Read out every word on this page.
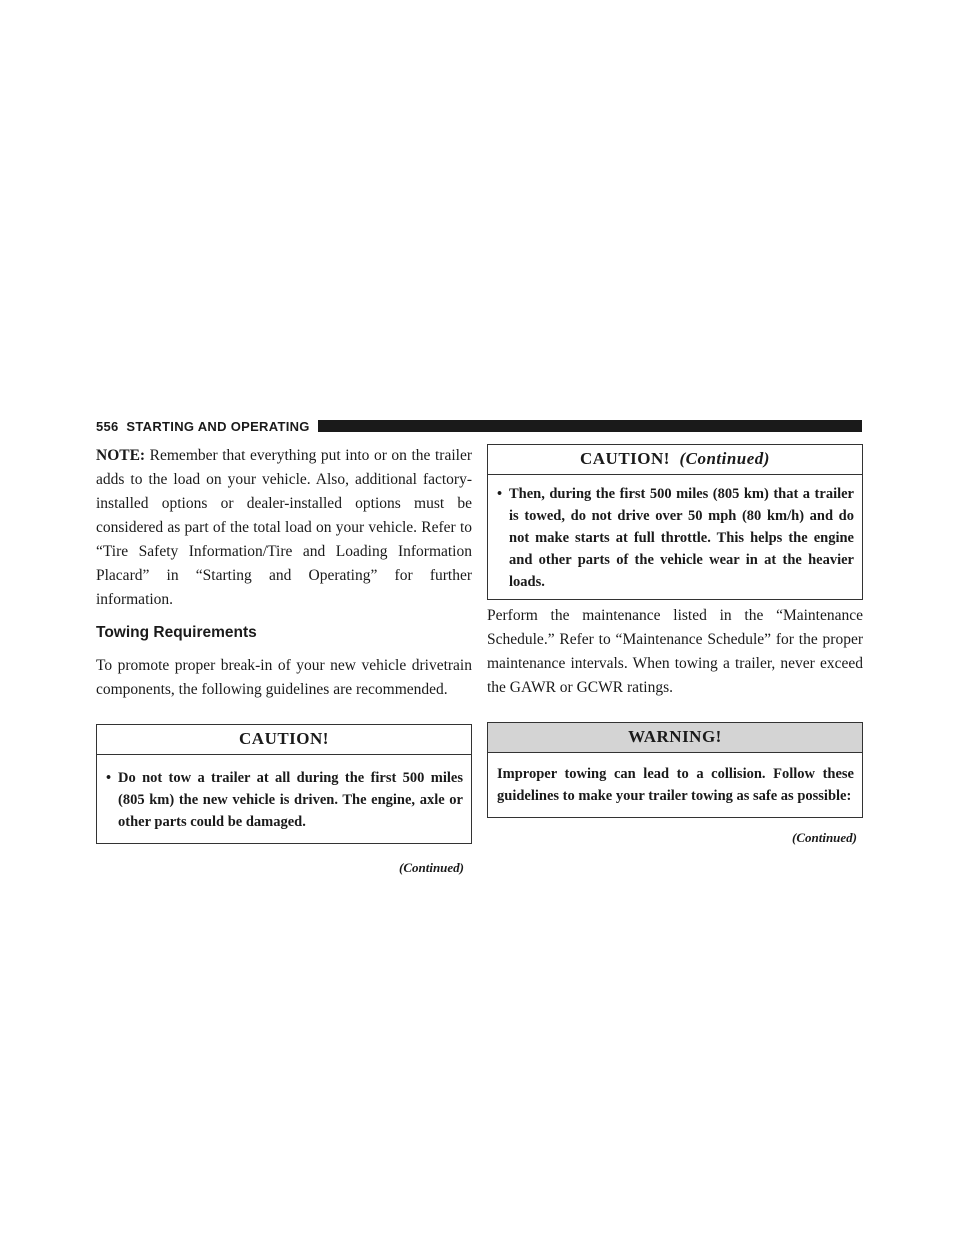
556 STARTING AND OPERATING

NOTE: Remember that everything put into or on the trailer adds to the load on your vehicle. Also, additional factory-installed options or dealer-installed options must be considered as part of the total load on your vehicle. Refer to “Tire Safety Information/Tire and Loading Information Placard” in “Starting and Operating” for further information.

Towing Requirements

To promote proper break-in of your new vehicle drivetrain components, the following guidelines are recommended.

CAUTION!
• Do not tow a trailer at all during the first 500 miles (805 km) the new vehicle is driven. The engine, axle or other parts could be damaged.
(Continued)
CAUTION! (Continued)
• Then, during the first 500 miles (805 km) that a trailer is towed, do not drive over 50 mph (80 km/h) and do not make starts at full throttle. This helps the engine and other parts of the vehicle wear in at the heavier loads.

Perform the maintenance listed in the “Maintenance Schedule.” Refer to “Maintenance Schedule” for the proper maintenance intervals. When towing a trailer, never exceed the GAWR or GCWR ratings.

WARNING!
Improper towing can lead to a collision. Follow these guidelines to make your trailer towing as safe as possible:
(Continued)
